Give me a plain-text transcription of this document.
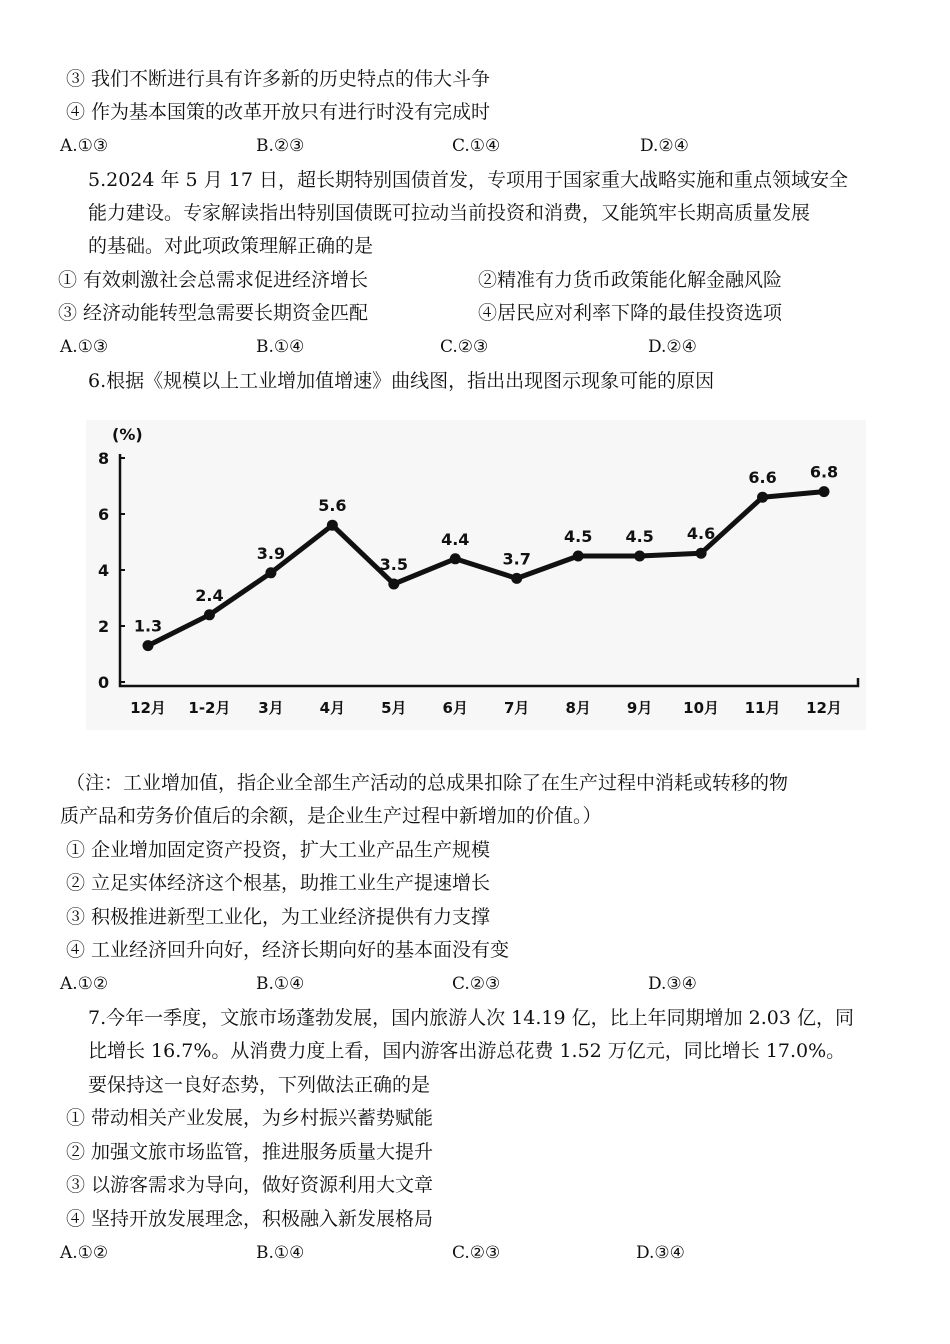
③ 我们不断进行具有许多新的历史特点的伟大斗争
④ 作为基本国策的改革开放只有进行时没有完成时
A.①③	B.②③	C.①④	D.②④
5.2024 年 5 月 17 日，超长期特别国债首发，专项用于国家重大战略实施和重点领域安全
能力建设。专家解读指出特别国债既可拉动当前投资和消费，又能筑牢长期高质量发展
的基础。对此项政策理解正确的是
① 有效刺激社会总需求促进经济增长	②精准有力货币政策能化解金融风险
③ 经济动能转型急需要长期资金匹配	④居民应对利率下降的最佳投资选项
A.①③	B.①④	C.②③	D.②④
6.根据《规模以上工业增加值增速》曲线图，指出出现图示现象可能的原因
(%)
0
2
4
6
8
1.3
2.4
3.9
5.6
3.5
4.4
3.7
4.5 4.5 4.6
6.6 6.8
12月 1-2月 3月 4月 5月 6月 7月 8月 9月 10月 11月 12月
（注：工业增加值，指企业全部生产活动的总成果扣除了在生产过程中消耗或转移的物
质产品和劳务价值后的余额，是企业生产过程中新增加的价值。）
① 企业增加固定资产投资，扩大工业产品生产规模
② 立足实体经济这个根基，助推工业生产提速增长
③ 积极推进新型工业化，为工业经济提供有力支撑
④ 工业经济回升向好，经济长期向好的基本面没有变
A.①②	B.①④	C.②③	D.③④
7.今年一季度，文旅市场蓬勃发展，国内旅游人次 14.19 亿，比上年同期增加 2.03 亿，同
比增长 16.7%。从消费力度上看，国内游客出游总花费 1.52 万亿元，同比增长 17.0%。
要保持这一良好态势，下列做法正确的是
① 带动相关产业发展，为乡村振兴蓄势赋能
② 加强文旅市场监管，推进服务质量大提升
③ 以游客需求为导向，做好资源利用大文章
④ 坚持开放发展理念，积极融入新发展格局
A.①②	B.①④	C.②③	D.③④
